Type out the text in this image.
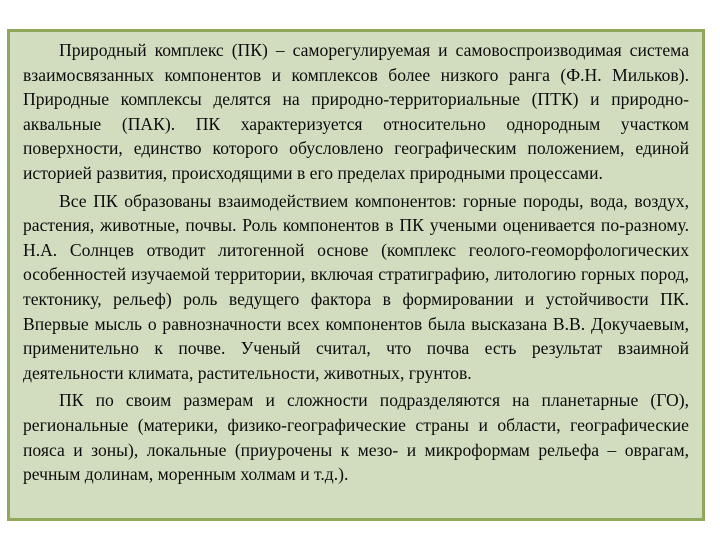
Природный комплекс (ПК) – саморегулируемая и самовоспроизводимая система взаимосвязанных компонентов и комплексов более низкого ранга (Ф.Н. Мильков). Природные комплексы делятся на природно-территориальные (ПТК) и природно-аквальные (ПАК). ПК характеризуется относительно однородным участком поверхности, единство которого обусловлено географическим положением, единой историей развития, происходящими в его пределах природными процессами.

Все ПК образованы взаимодействием компонентов: горные породы, вода, воздух, растения, животные, почвы. Роль компонентов в ПК учеными оценивается по-разному. Н.А. Солнцев отводит литогенной основе (комплекс геолого-геоморфологических особенностей изучаемой территории, включая стратиграфию, литологию горных пород, тектонику, рельеф) роль ведущего фактора в формировании и устойчивости ПК. Впервые мысль о равнозначности всех компонентов была высказана В.В. Докучаевым, применительно к почве. Ученый считал, что почва есть результат взаимной деятельности климата, растительности, животных, грунтов.

ПК по своим размерам и сложности подразделяются на планетарные (ГО), региональные (материки, физико-географические страны и области, географические пояса и зоны), локальные (приурочены к мезо- и микроформам рельефа – оврагам, речным долинам, моренным холмам и т.д.).
